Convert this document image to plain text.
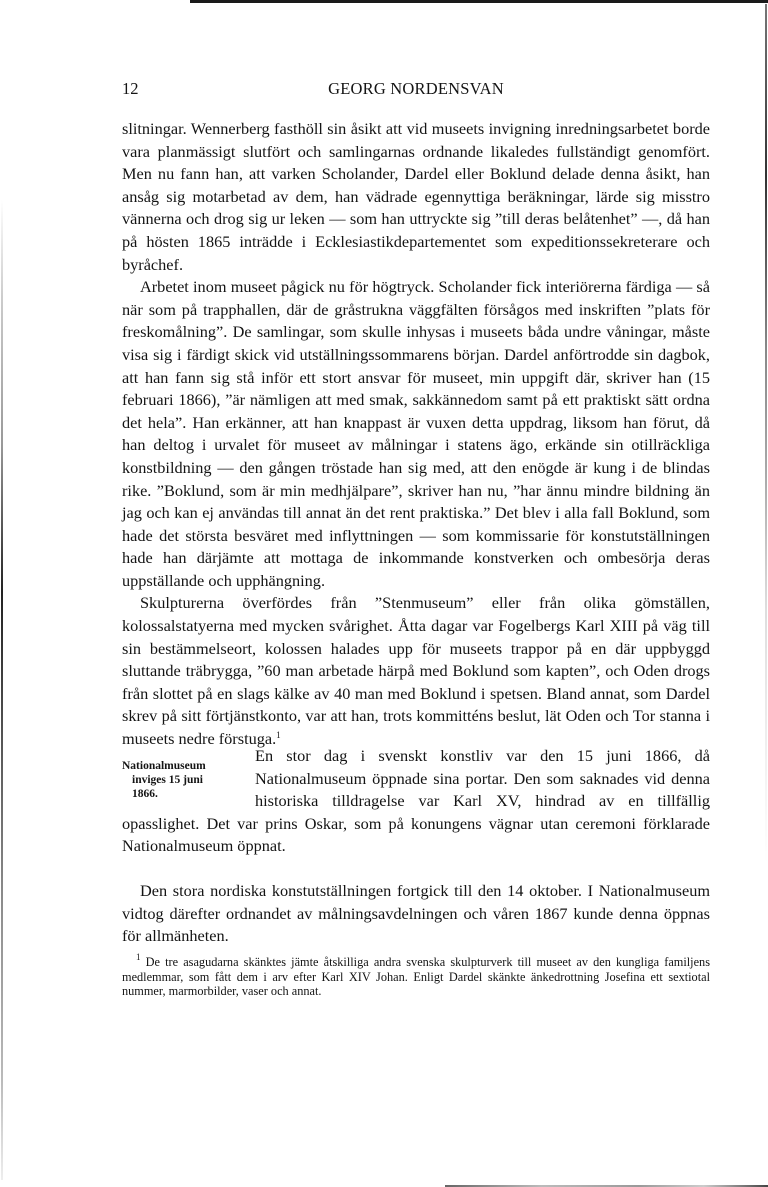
12	GEORG NORDENSVAN

slitningar. Wennerberg fasthöll sin åsikt att vid museets invigning inredningsarbetet borde vara planmässigt slutfört och samlingarnas ordnande likaledes fullständigt genomfört. Men nu fann han, att varken Scholander, Dardel eller Boklund delade denna åsikt, han ansåg sig motarbetad av dem, han vädrade egennyttiga beräkningar, lärde sig misstro vännerna och drog sig ur leken — som han uttryckte sig ”till deras belåtenhet” —, då han på hösten 1865 inträdde i Ecklesiastikdepartementet som expeditionssekreterare och byråchef.

Arbetet inom museet pågick nu för högtryck. Scholander fick interiörerna färdiga — så när som på trapphallen, där de gråstrukna väggfälten försågos med inskriften ”plats för freskomålning”. De samlingar, som skulle inhysas i museets båda undre våningar, måste visa sig i färdigt skick vid utställningssommarens början. Dardel anförtrodde sin dagbok, att han fann sig stå inför ett stort ansvar för museet, min uppgift där, skriver han (15 februari 1866), ”är nämligen att med smak, sakkännedom samt på ett praktiskt sätt ordna det hela”. Han erkänner, att han knappast är vuxen detta uppdrag, liksom han förut, då han deltog i urvalet för museet av målningar i statens ägo, erkände sin otillräckliga konstbildning — den gången tröstade han sig med, att den enögde är kung i de blindas rike. ”Boklund, som är min medhjälpare”, skriver han nu, ”har ännu mindre bildning än jag och kan ej användas till annat än det rent praktiska.” Det blev i alla fall Boklund, som hade det största besväret med inflyttningen — som kommissarie för konstutställningen hade han därjämte att mottaga de inkommande konstverken och ombesörja deras uppställande och upphängning.

Skulpturerna överfördes från ”Stenmuseum” eller från olika gömställen, kolossalstatyerna med mycken svårighet. Åtta dagar var Fogelbergs Karl XIII på väg till sin bestämmelseort, kolossen halades upp för museets trappor på en där uppbyggd sluttande träbrygga, ”60 man arbetade härpå med Boklund som kapten”, och Oden drogs från slottet på en slags kälke av 40 man med Boklund i spetsen. Bland annat, som Dardel skrev på sitt förtjänstkonto, var att han, trots kommitténs beslut, lät Oden och Tor stanna i museets nedre förstuga.$^1$

En stor dag i svenskt konstliv var den 15 juni 1866, då Nationalmuseum öppnade sina portar. Den som saknades vid denna historiska tilldragelse var Karl XV, hindrad av en tillfällig opasslighet. Det var prins Oskar, som på konungens vägnar utan ceremoni förklarade Nationalmuseum öppnat.
Nationalmuseum
inviges 15 juni
1866.

Den stora nordiska konstutställningen fortgick till den 14 oktober. I Nationalmuseum vidtog därefter ordnandet av målningsavdelningen och våren 1867 kunde denna öppnas för allmänheten.

$^1$ De tre asagudarna skänktes jämte åtskilliga andra svenska skulpturverk till museet av den kungliga familjens medlemmar, som fått dem i arv efter Karl XIV Johan. Enligt Dardel skänkte änkedrottning Josefina ett sextiotal nummer, marmorbilder, vaser och annat.
